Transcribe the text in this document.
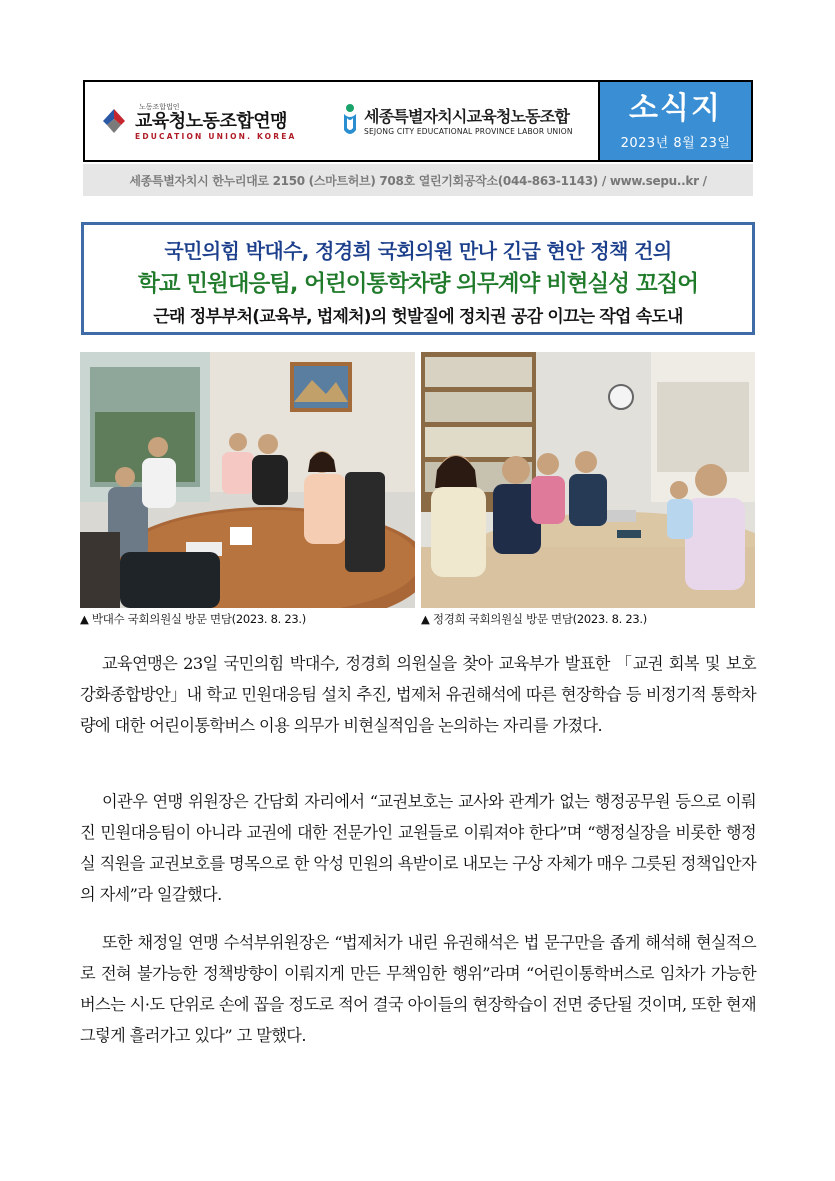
노동조합법인
교육청노동조합연맹
EDUCATION UNION. KOREA
세종특별자치시교육청노동조합
SEJONG CITY EDUCATIONAL PROVINCE LABOR UNION
소식지
2023년 8월 23일
세종특별자치시 한누리대로 2150 (스마트허브) 708호 열린기회공작소(044-863-1143) / www.sepu..kr /
국민의힘 박대수, 정경희 국회의원 만나 긴급 현안 정책 건의
학교 민원대응팀, 어린이통학차량 의무계약 비현실성 꼬집어
근래 정부부처(교육부, 법제처)의 헛발질에 정치권 공감 이끄는 작업 속도내
▲ 박대수 국회의원실 방문 면담(2023. 8. 23.)	▲ 정경희 국회의원실 방문 면담(2023. 8. 23.)
교육연맹은 23일 국민의힘 박대수, 정경희 의원실을 찾아 교육부가 발표한 「교권 회복 및 보호 강화종합방안」내 학교 민원대응팀 설치 추진, 법제처 유권해석에 따른 현장학습 등 비정기적 통학차량에 대한 어린이통학버스 이용 의무가 비현실적임을 논의하는 자리를 가졌다.
이관우 연맹 위원장은 간담회 자리에서 “교권보호는 교사와 관계가 없는 행정공무원 등으로 이뤄진 민원대응팀이 아니라 교권에 대한 전문가인 교원들로 이뤄져야 한다”며 “행정실장을 비롯한 행정실 직원을 교권보호를 명목으로 한 악성 민원의 욕받이로 내모는 구상 자체가 매우 그릇된 정책입안자의 자세”라 일갈했다.
또한 채정일 연맹 수석부위원장은 “법제처가 내린 유권해석은 법 문구만을 좁게 해석해 현실적으로 전혀 불가능한 정책방향이 이뤄지게 만든 무책임한 행위”라며 “어린이통학버스로 임차가 가능한 버스는 시·도 단위로 손에 꼽을 정도로 적어 결국 아이들의 현장학습이 전면 중단될 것이며, 또한 현재 그렇게 흘러가고 있다” 고 말했다.
